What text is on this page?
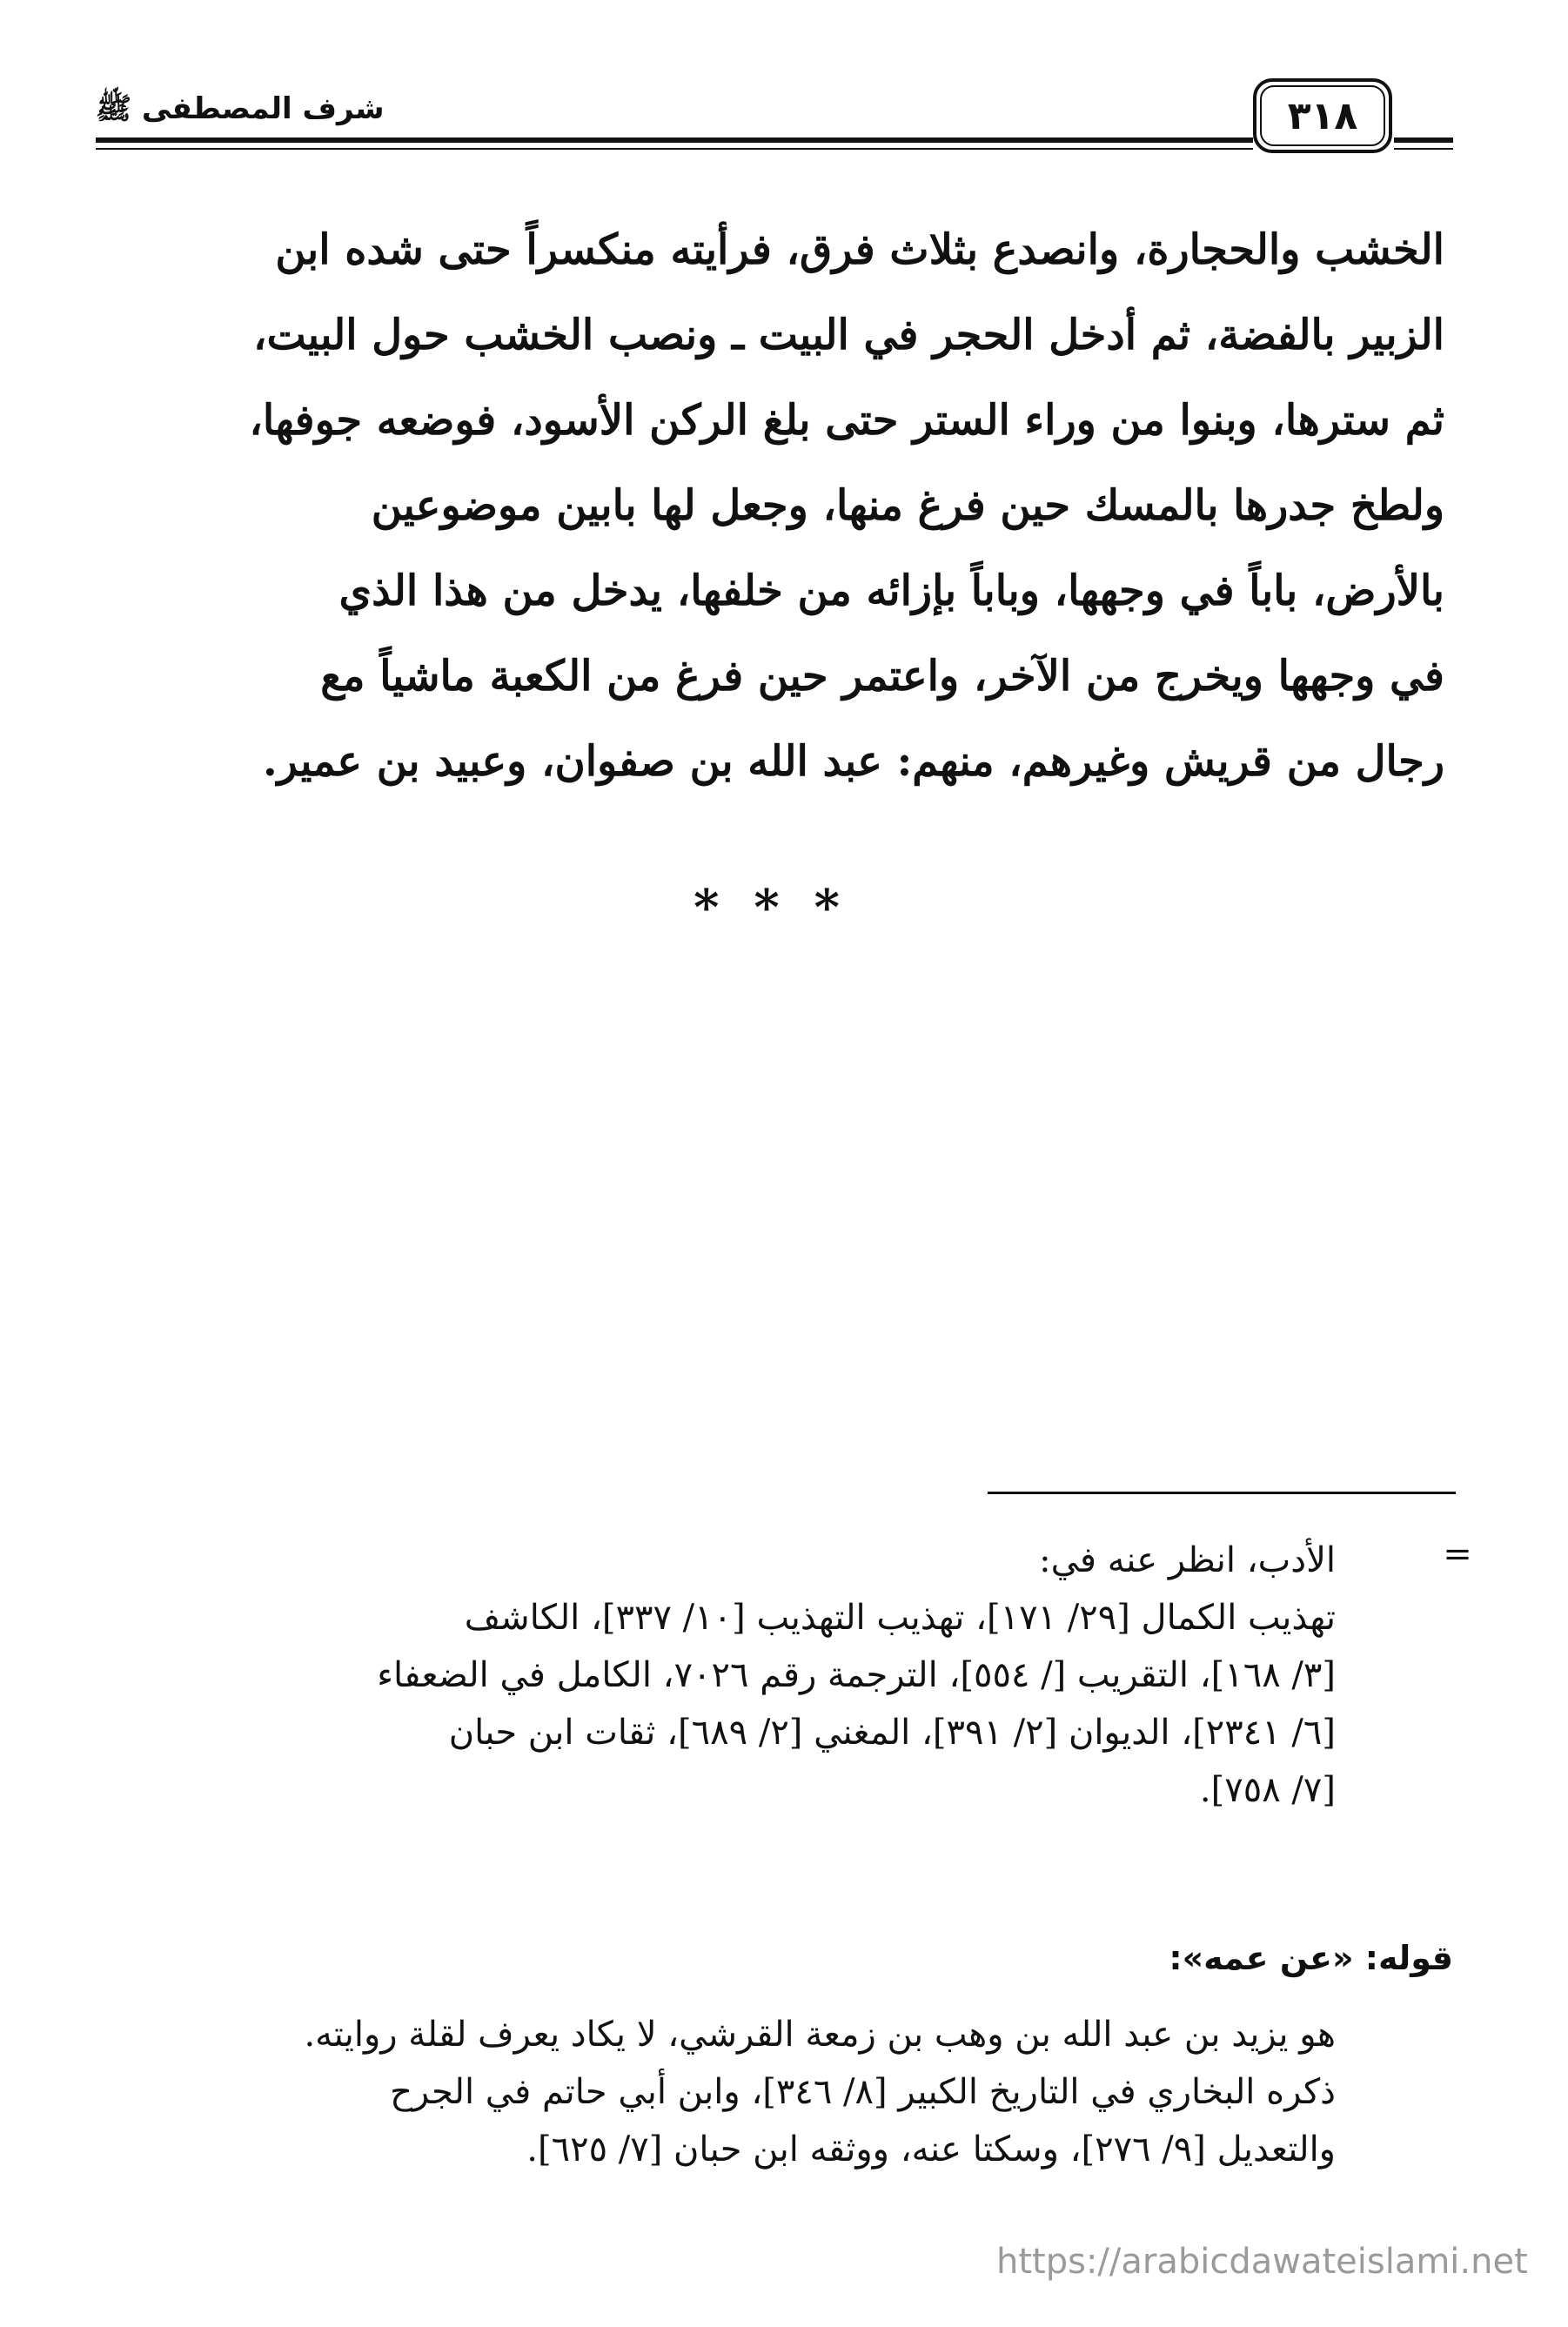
شرف المصطفى ﷺ	٣١٨

الخشب والحجارة، وانصدع بثلاث فرق، فرأيته منكسراً حتى شده ابن

الزبير بالفضة، ثم أدخل الحجر في البيت ـ ونصب الخشب حول البيت،

ثم سترها، وبنوا من وراء الستر حتى بلغ الركن الأسود، فوضعه جوفها،

ولطخ جدرها بالمسك حين فرغ منها، وجعل لها بابين موضوعين

بالأرض، باباً في وجهها، وباباً بإزائه من خلفها، يدخل من هذا الذي

في وجهها ويخرج من الآخر، واعتمر حين فرغ من الكعبة ماشياً مع

رجال من قريش وغيرهم، منهم: عبد الله بن صفوان، وعبيد بن عمير.

***
=

الأدب، انظر عنه في:

تهذيب الكمال [٢٩/ ١٧١]، تهذيب التهذيب [١٠/ ٣٣٧]، الكاشف

[٣/ ١٦٨]، التقريب [/ ٥٥٤]، الترجمة رقم ٧٠٢٦، الكامل في الضعفاء

[٦/ ٢٣٤١]، الديوان [٢/ ٣٩١]، المغني [٢/ ٦٨٩]، ثقات ابن حبان

[٧/ ٧٥٨].

قوله: «عن عمه»:

هو يزيد بن عبد الله بن وهب بن زمعة القرشي، لا يكاد يعرف لقلة روايته.

ذكره البخاري في التاريخ الكبير [٨/ ٣٤٦]، وابن أبي حاتم في الجرح

والتعديل [٩/ ٢٧٦]، وسكتا عنه، ووثقه ابن حبان [٧/ ٦٢٥].

https://arabicdawateislami.net
